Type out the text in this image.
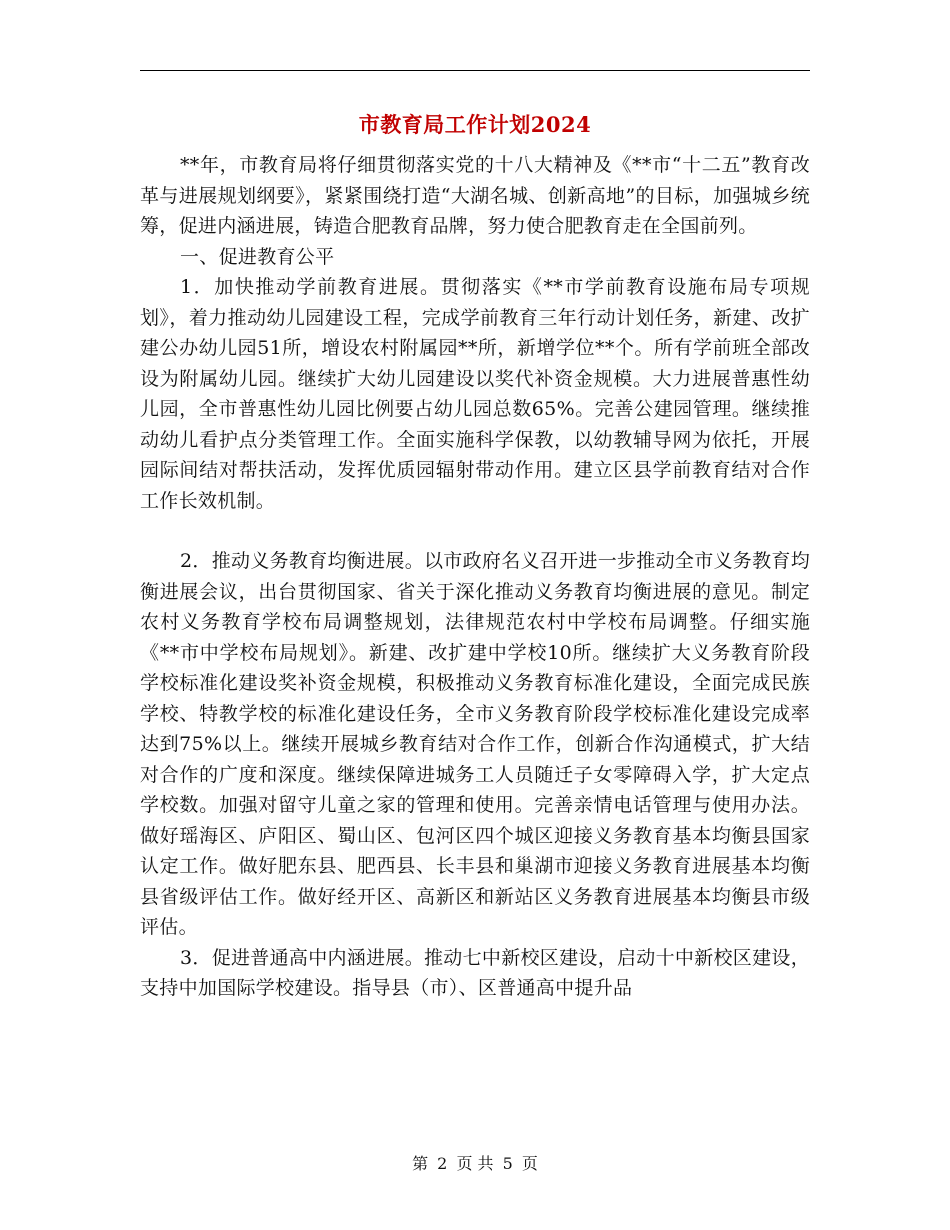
市教育局工作计划2024

**年，市教育局将仔细贯彻落实党的十八大精神及《**市“十二五”教育改革与进展规划纲要》，紧紧围绕打造“大湖名城、创新高地”的目标，加强城乡统筹，促进内涵进展，铸造合肥教育品牌，努力使合肥教育走在全国前列。

一、促进教育公平

1．加快推动学前教育进展。贯彻落实《**市学前教育设施布局专项规划》，着力推动幼儿园建设工程，完成学前教育三年行动计划任务，新建、改扩建公办幼儿园51所，增设农村附属园**所，新增学位**个。所有学前班全部改设为附属幼儿园。继续扩大幼儿园建设以奖代补资金规模。大力进展普惠性幼儿园，全市普惠性幼儿园比例要占幼儿园总数65%。完善公建园管理。继续推动幼儿看护点分类管理工作。全面实施科学保教，以幼教辅导网为依托，开展园际间结对帮扶活动，发挥优质园辐射带动作用。建立区县学前教育结对合作工作长效机制。

2．推动义务教育均衡进展。以市政府名义召开进一步推动全市义务教育均衡进展会议，出台贯彻国家、省关于深化推动义务教育均衡进展的意见。制定农村义务教育学校布局调整规划，法律规范农村中学校布局调整。仔细实施《**市中学校布局规划》。新建、改扩建中学校10所。继续扩大义务教育阶段学校标准化建设奖补资金规模，积极推动义务教育标准化建设，全面完成民族学校、特教学校的标准化建设任务，全市义务教育阶段学校标准化建设完成率达到75%以上。继续开展城乡教育结对合作工作，创新合作沟通模式，扩大结对合作的广度和深度。继续保障进城务工人员随迁子女零障碍入学，扩大定点学校数。加强对留守儿童之家的管理和使用。完善亲情电话管理与使用办法。做好瑶海区、庐阳区、蜀山区、包河区四个城区迎接义务教育基本均衡县国家认定工作。做好肥东县、肥西县、长丰县和巢湖市迎接义务教育进展基本均衡县省级评估工作。做好经开区、高新区和新站区义务教育进展基本均衡县市级评估。

3．促进普通高中内涵进展。推动七中新校区建设，启动十中新校区建设，支持中加国际学校建设。指导县（市）、区普通高中提升品

第 2 页 共 5 页
